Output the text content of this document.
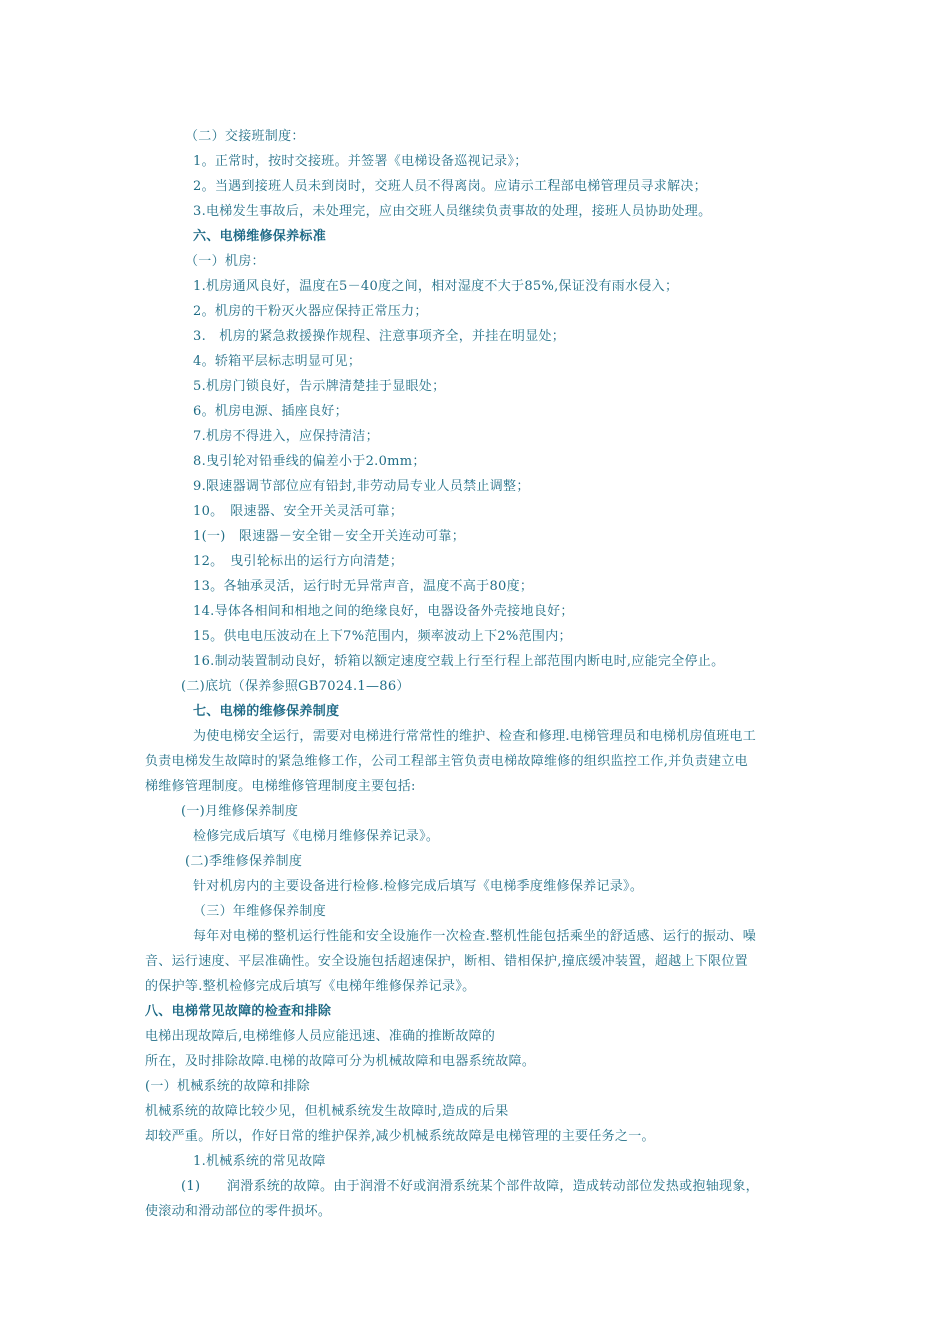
（二）交接班制度：
1。正常时，按时交接班。并签署《电梯设备巡视记录》；
2。当遇到接班人员未到岗时，交班人员不得离岗。应请示工程部电梯管理员寻求解决；
3.电梯发生事故后，未处理完，应由交班人员继续负责事故的处理，接班人员协助处理。
六、电梯维修保养标准
（一）机房：
1.机房通风良好，温度在5－40度之间，相对湿度不大于85%,保证没有雨水侵入；
2。机房的干粉灭火器应保持正常压力；
3.　机房的紧急救援操作规程、注意事项齐全，并挂在明显处；
4。轿箱平层标志明显可见；
5.机房门锁良好，告示牌清楚挂于显眼处；
6。机房电源、插座良好；
7.机房不得进入，应保持清洁；
8.曳引轮对铅垂线的偏差小于2.0mm；
9.限速器调节部位应有铅封,非劳动局专业人员禁止调整；
10。　限速器、安全开关灵活可靠；
1(一)　限速器－安全钳－安全开关连动可靠；
12。　曳引轮标出的运行方向清楚；
13。各轴承灵活，运行时无异常声音，温度不高于80度；
14.导体各相间和相地之间的绝缘良好，电器设备外壳接地良好；
15。供电电压波动在上下7%范围内，频率波动上下2%范围内；
16.制动装置制动良好，轿箱以额定速度空载上行至行程上部范围内断电时,应能完全停止。
(二)底坑（保养参照GB7024.1—86）
七、电梯的维修保养制度
为使电梯安全运行，需要对电梯进行常常性的维护、检查和修理.电梯管理员和电梯机房值班电工
负责电梯发生故障时的紧急维修工作，公司工程部主管负责电梯故障维修的组织监控工作,并负责建立电
梯维修管理制度。电梯维修管理制度主要包括:
(一)月维修保养制度
检修完成后填写《电梯月维修保养记录》。
(二)季维修保养制度
针对机房内的主要设备进行检修.检修完成后填写《电梯季度维修保养记录》。
（三）年维修保养制度
每年对电梯的整机运行性能和安全设施作一次检查.整机性能包括乘坐的舒适感、运行的振动、噪
音、运行速度、平层准确性。安全设施包括超速保护，断相、错相保护,撞底缓冲装置，超越上下限位置
的保护等.整机检修完成后填写《电梯年维修保养记录》。
八、电梯常见故障的检查和排除
电梯出现故障后,电梯维修人员应能迅速、准确的推断故障的
所在，及时排除故障.电梯的故障可分为机械故障和电器系统故障。
(一）机械系统的故障和排除
机械系统的故障比较少见，但机械系统发生故障时,造成的后果
却较严重。所以，作好日常的维护保养,减少机械系统故障是电梯管理的主要任务之一。
1.机械系统的常见故障
(1)　　润滑系统的故障。由于润滑不好或润滑系统某个部件故障，造成转动部位发热或抱轴现象，
使滚动和滑动部位的零件损坏。
